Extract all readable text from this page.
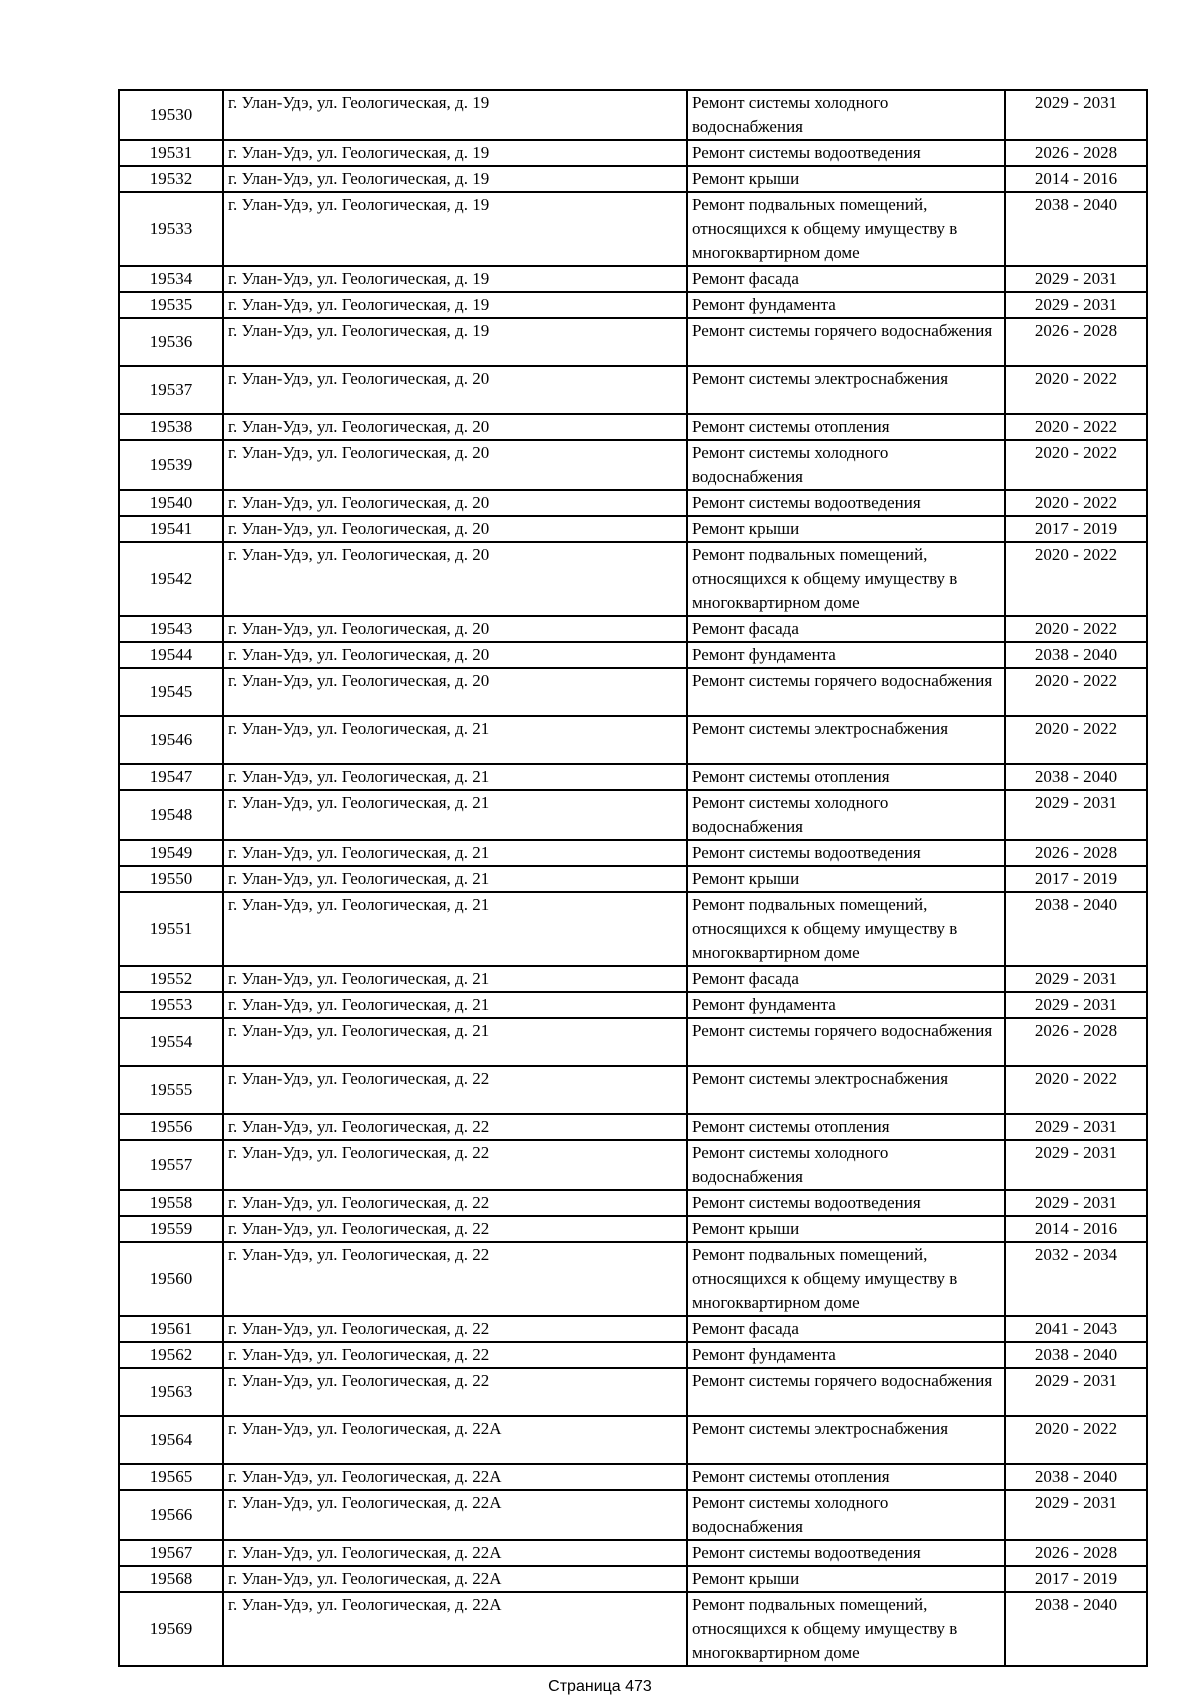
19530	г. Улан-Удэ, ул. Геологическая, д. 19	Ремонт системы холодного водоснабжения	2029 - 2031
19531	г. Улан-Удэ, ул. Геологическая, д. 19	Ремонт системы водоотведения	2026 - 2028
19532	г. Улан-Удэ, ул. Геологическая, д. 19	Ремонт крыши	2014 - 2016
19533	г. Улан-Удэ, ул. Геологическая, д. 19	Ремонт подвальных помещений, относящихся к общему имуществу в многоквартирном доме	2038 - 2040
19534	г. Улан-Удэ, ул. Геологическая, д. 19	Ремонт фасада	2029 - 2031
19535	г. Улан-Удэ, ул. Геологическая, д. 19	Ремонт фундамента	2029 - 2031
19536	г. Улан-Удэ, ул. Геологическая, д. 19	Ремонт системы горячего водоснабжения	2026 - 2028
19537	г. Улан-Удэ, ул. Геологическая, д. 20	Ремонт системы электроснабжения	2020 - 2022
19538	г. Улан-Удэ, ул. Геологическая, д. 20	Ремонт системы отопления	2020 - 2022
19539	г. Улан-Удэ, ул. Геологическая, д. 20	Ремонт системы холодного водоснабжения	2020 - 2022
19540	г. Улан-Удэ, ул. Геологическая, д. 20	Ремонт системы водоотведения	2020 - 2022
19541	г. Улан-Удэ, ул. Геологическая, д. 20	Ремонт крыши	2017 - 2019
19542	г. Улан-Удэ, ул. Геологическая, д. 20	Ремонт подвальных помещений, относящихся к общему имуществу в многоквартирном доме	2020 - 2022
19543	г. Улан-Удэ, ул. Геологическая, д. 20	Ремонт фасада	2020 - 2022
19544	г. Улан-Удэ, ул. Геологическая, д. 20	Ремонт фундамента	2038 - 2040
19545	г. Улан-Удэ, ул. Геологическая, д. 20	Ремонт системы горячего водоснабжения	2020 - 2022
19546	г. Улан-Удэ, ул. Геологическая, д. 21	Ремонт системы электроснабжения	2020 - 2022
19547	г. Улан-Удэ, ул. Геологическая, д. 21	Ремонт системы отопления	2038 - 2040
19548	г. Улан-Удэ, ул. Геологическая, д. 21	Ремонт системы холодного водоснабжения	2029 - 2031
19549	г. Улан-Удэ, ул. Геологическая, д. 21	Ремонт системы водоотведения	2026 - 2028
19550	г. Улан-Удэ, ул. Геологическая, д. 21	Ремонт крыши	2017 - 2019
19551	г. Улан-Удэ, ул. Геологическая, д. 21	Ремонт подвальных помещений, относящихся к общему имуществу в многоквартирном доме	2038 - 2040
19552	г. Улан-Удэ, ул. Геологическая, д. 21	Ремонт фасада	2029 - 2031
19553	г. Улан-Удэ, ул. Геологическая, д. 21	Ремонт фундамента	2029 - 2031
19554	г. Улан-Удэ, ул. Геологическая, д. 21	Ремонт системы горячего водоснабжения	2026 - 2028
19555	г. Улан-Удэ, ул. Геологическая, д. 22	Ремонт системы электроснабжения	2020 - 2022
19556	г. Улан-Удэ, ул. Геологическая, д. 22	Ремонт системы отопления	2029 - 2031
19557	г. Улан-Удэ, ул. Геологическая, д. 22	Ремонт системы холодного водоснабжения	2029 - 2031
19558	г. Улан-Удэ, ул. Геологическая, д. 22	Ремонт системы водоотведения	2029 - 2031
19559	г. Улан-Удэ, ул. Геологическая, д. 22	Ремонт крыши	2014 - 2016
19560	г. Улан-Удэ, ул. Геологическая, д. 22	Ремонт подвальных помещений, относящихся к общему имуществу в многоквартирном доме	2032 - 2034
19561	г. Улан-Удэ, ул. Геологическая, д. 22	Ремонт фасада	2041 - 2043
19562	г. Улан-Удэ, ул. Геологическая, д. 22	Ремонт фундамента	2038 - 2040
19563	г. Улан-Удэ, ул. Геологическая, д. 22	Ремонт системы горячего водоснабжения	2029 - 2031
19564	г. Улан-Удэ, ул. Геологическая, д. 22А	Ремонт системы электроснабжения	2020 - 2022
19565	г. Улан-Удэ, ул. Геологическая, д. 22А	Ремонт системы отопления	2038 - 2040
19566	г. Улан-Удэ, ул. Геологическая, д. 22А	Ремонт системы холодного водоснабжения	2029 - 2031
19567	г. Улан-Удэ, ул. Геологическая, д. 22А	Ремонт системы водоотведения	2026 - 2028
19568	г. Улан-Удэ, ул. Геологическая, д. 22А	Ремонт крыши	2017 - 2019
19569	г. Улан-Удэ, ул. Геологическая, д. 22А	Ремонт подвальных помещений, относящихся к общему имуществу в многоквартирном доме	2038 - 2040
Страница 473
